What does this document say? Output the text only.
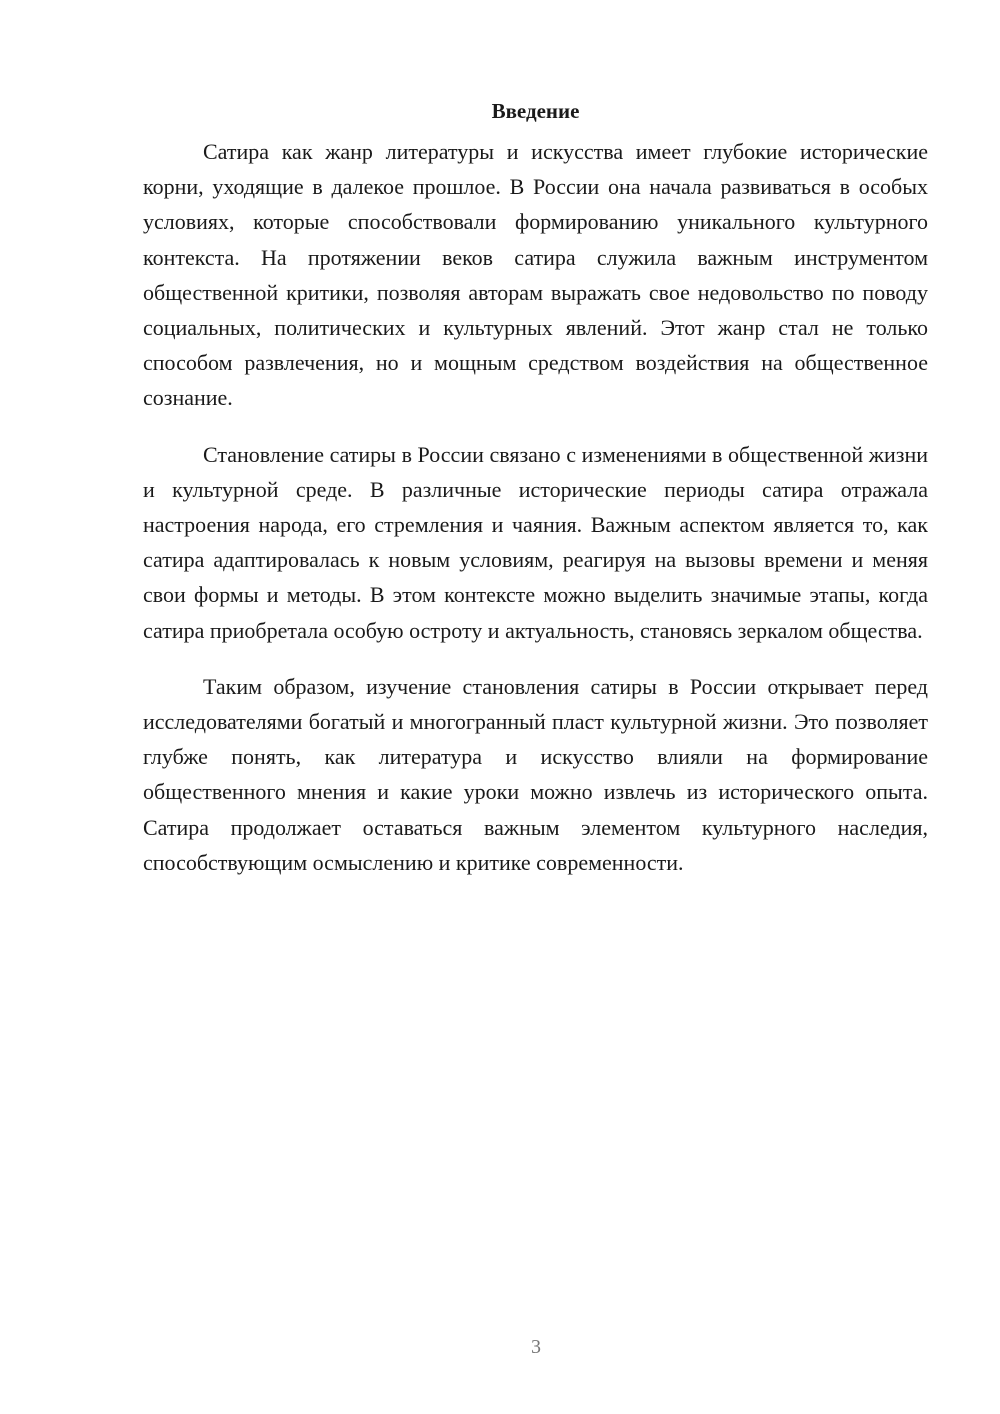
Введение

Сатира как жанр литературы и искусства имеет глубокие исторические корни, уходящие в далекое прошлое. В России она начала развиваться в особых условиях, которые способствовали формированию уникального культурного контекста. На протяжении веков сатира служила важным инструментом общественной критики, позволяя авторам выражать свое недовольство по поводу социальных, политических и культурных явлений. Этот жанр стал не только способом развлечения, но и мощным средством воздействия на общественное сознание.

Становление сатиры в России связано с изменениями в общественной жизни и культурной среде. В различные исторические периоды сатира отражала настроения народа, его стремления и чаяния. Важным аспектом является то, как сатира адаптировалась к новым условиям, реагируя на вызовы времени и меняя свои формы и методы. В этом контексте можно выделить значимые этапы, когда сатира приобретала особую остроту и актуальность, становясь зеркалом общества.

Таким образом, изучение становления сатиры в России открывает перед исследователями богатый и многогранный пласт культурной жизни. Это позволяет глубже понять, как литература и искусство влияли на формирование общественного мнения и какие уроки можно извлечь из исторического опыта. Сатира продолжает оставаться важным элементом культурного наследия, способствующим осмыслению и критике современности.

3
